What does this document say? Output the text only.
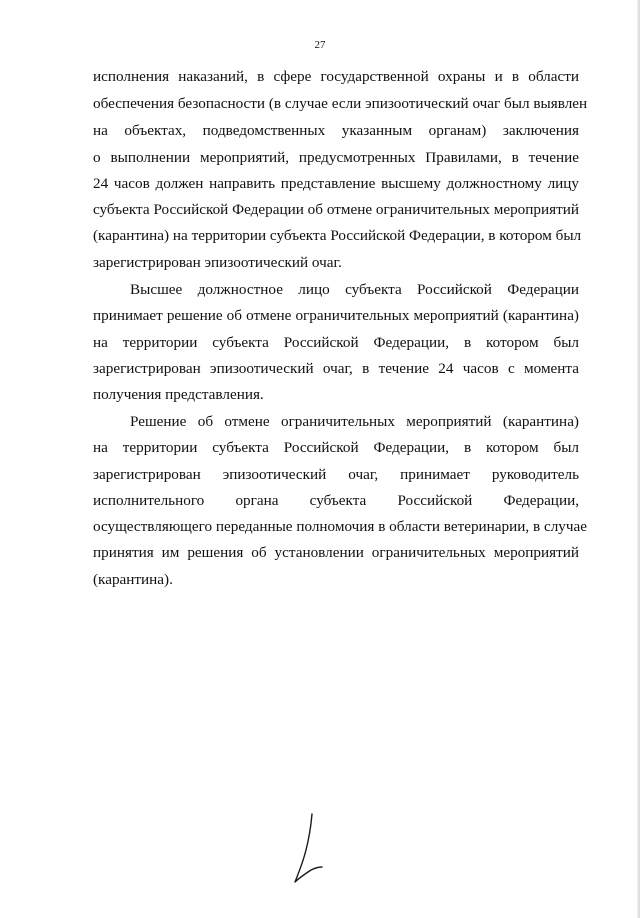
27
исполнения наказаний, в сфере государственной охраны и в области
обеспечения безопасности (в случае если эпизоотический очаг был выявлен
на объектах, подведомственных указанным органам) заключения
о выполнении мероприятий, предусмотренных Правилами, в течение
24 часов должен направить представление высшему должностному лицу
субъекта Российской Федерации об отмене ограничительных мероприятий
(карантина) на территории субъекта Российской Федерации, в котором был
зарегистрирован эпизоотический очаг.
Высшее должностное лицо субъекта Российской Федерации
принимает решение об отмене ограничительных мероприятий (карантина)
на территории субъекта Российской Федерации, в котором был
зарегистрирован эпизоотический очаг, в течение 24 часов с момента
получения представления.
Решение об отмене ограничительных мероприятий (карантина)
на территории субъекта Российской Федерации, в котором был
зарегистрирован эпизоотический очаг, принимает руководитель
исполнительного органа субъекта Российской Федерации,
осуществляющего переданные полномочия в области ветеринарии, в случае
принятия им решения об установлении ограничительных мероприятий
(карантина).
